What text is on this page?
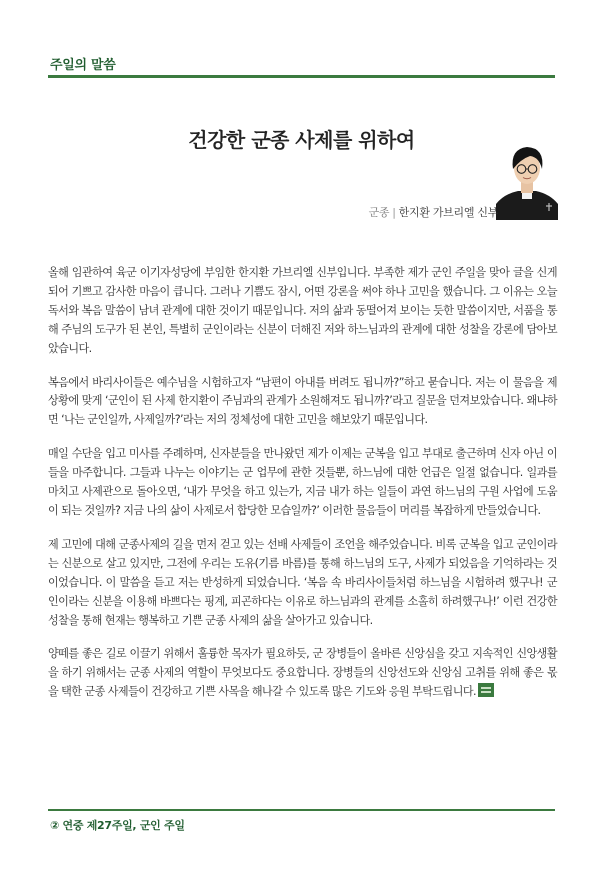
주일의 말씀
건강한 군종 사제를 위하여
군종 | 한지환 가브리엘 신부

올해 임관하여 육군 이기자성당에 부임한 한지환 가브리엘 신부입니다. 부족한 제가 군인 주일을 맞아 글을 신게 되어 기쁘고 감사한 마음이 큽니다. 그러나 기쁨도 잠시, 어떤 강론을 써야 하나 고민을 했습니다. 그 이유는 오늘 독서와 복음 말씀이 남녀 관계에 대한 것이기 때문입니다. 저의 삶과 동떨어져 보이는 듯한 말씀이지만, 서품을 통해 주님의 도구가 된 본인, 특별히 군인이라는 신분이 더해진 저와 하느님과의 관계에 대한 성찰을 강론에 담아보았습니다.

복음에서 바리사이들은 예수님을 시험하고자 “남편이 아내를 버려도 됩니까?”하고 묻습니다. 저는 이 물음을 제 상황에 맞게 ‘군인이 된 사제 한지환이 주님과의 관계가 소원해져도 됩니까?’라고 질문을 던져보았습니다. 왜냐하면 ‘나는 군인일까, 사제일까?’라는 저의 정체성에 대한 고민을 해보았기 때문입니다.

매일 수단을 입고 미사를 주례하며, 신자분들을 만나왔던 제가 이제는 군복을 입고 부대로 출근하며 신자 아닌 이들을 마주합니다. 그들과 나누는 이야기는 군 업무에 관한 것들뿐, 하느님에 대한 언급은 일절 없습니다. 일과를 마치고 사제관으로 돌아오면, ‘내가 무엇을 하고 있는가, 지금 내가 하는 일들이 과연 하느님의 구원 사업에 도움이 되는 것일까? 지금 나의 삶이 사제로서 합당한 모습일까?’ 이러한 물음들이 머리를 복잡하게 만들었습니다.

제 고민에 대해 군종사제의 길을 먼저 걷고 있는 선배 사제들이 조언을 해주었습니다. 비록 군복을 입고 군인이라는 신분으로 살고 있지만, 그전에 우리는 도유(기름 바름)를 통해 하느님의 도구, 사제가 되었음을 기억하라는 것이었습니다. 이 말씀을 듣고 저는 반성하게 되었습니다. ‘복음 속 바리사이들처럼 하느님을 시험하려 했구나! 군인이라는 신분을 이용해 바쁘다는 핑계, 피곤하다는 이유로 하느님과의 관계를 소홀히 하려했구나!’ 이런 건강한 성찰을 통해 현재는 행복하고 기쁜 군종 사제의 삶을 살아가고 있습니다.

양떼를 좋은 길로 이끌기 위해서 훌륭한 목자가 필요하듯, 군 장병들이 올바른 신앙심을 갖고 지속적인 신앙생활을 하기 위해서는 군종 사제의 역할이 무엇보다도 중요합니다. 장병들의 신앙선도와 신앙심 고취를 위해 좋은 몫을 택한 군종 사제들이 건강하고 기쁜 사목을 해나갈 수 있도록 많은 기도와 응원 부탁드립니다.

② 연중 제27주일, 군인 주일
